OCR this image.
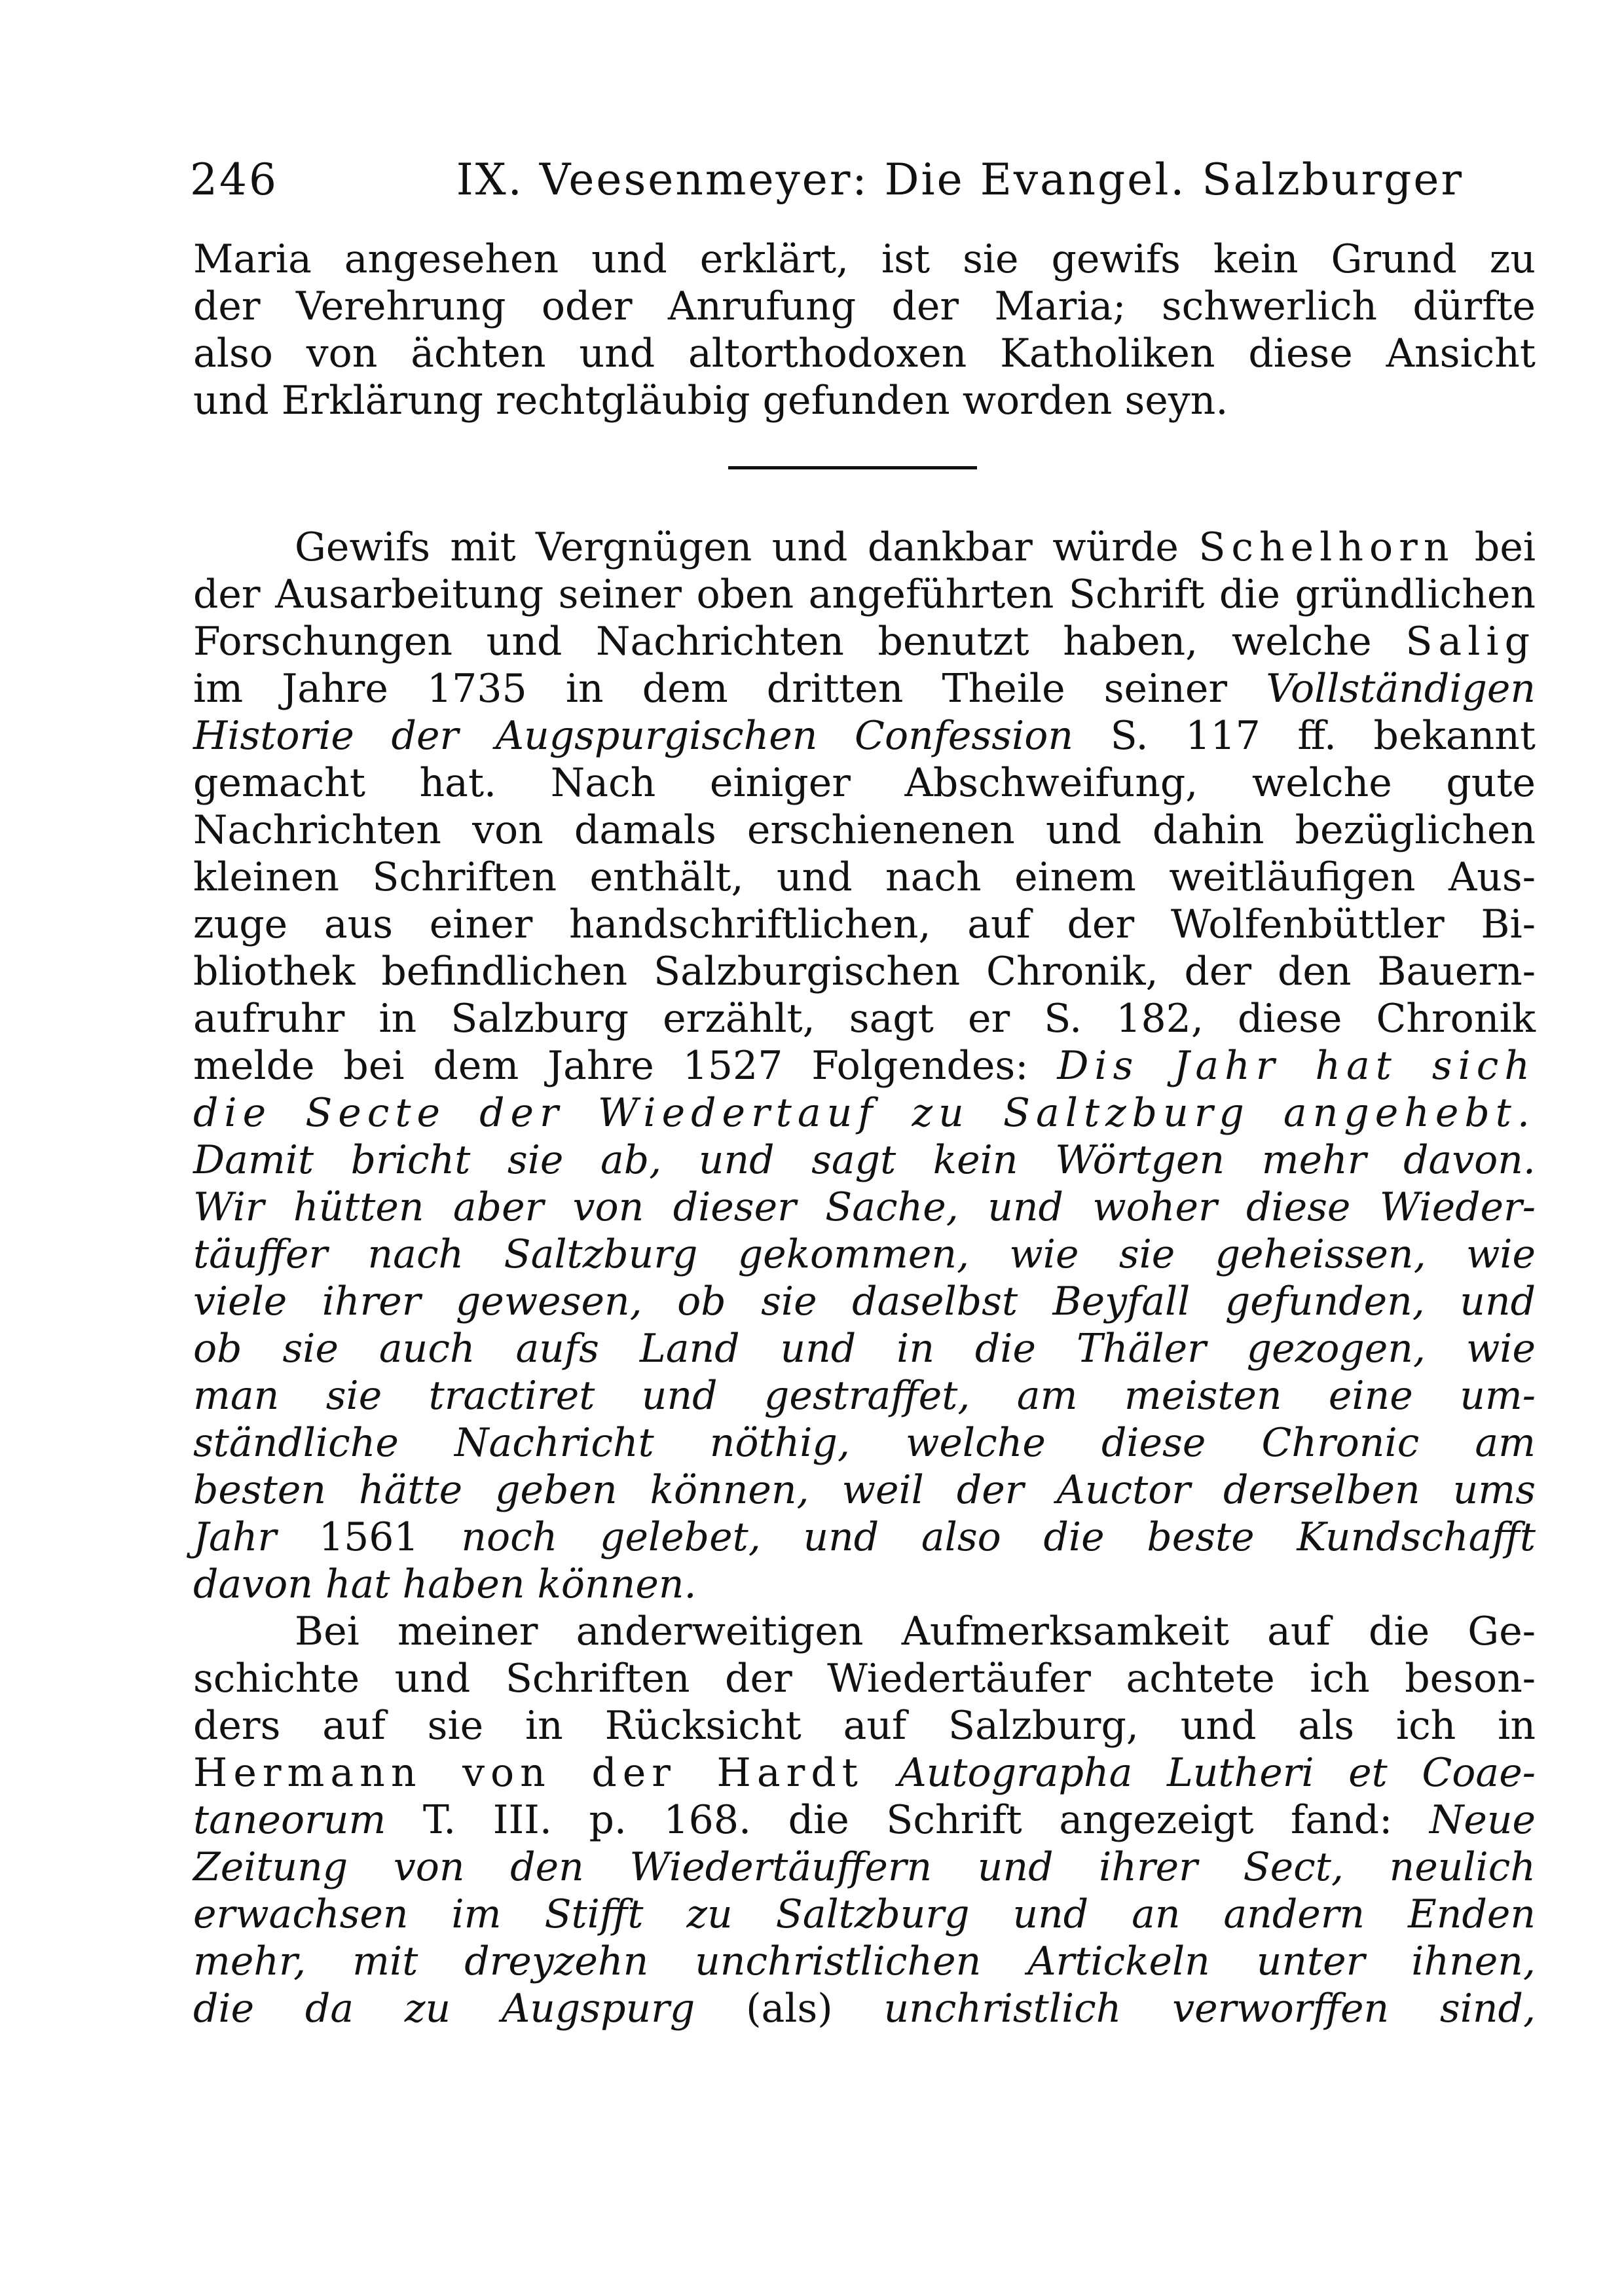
246	IX. Veesenmeyer: Die Evangel. Salzburger
Maria angesehen und erklärt, ist sie gewifs kein Grund zu
der Verehrung oder Anrufung der Maria; schwerlich dürfte
also von ächten und altorthodoxen Katholiken diese Ansicht
und Erklärung rechtgläubig gefunden worden seyn.
Gewifs mit Vergnügen und dankbar würde Schelhorn bei
der Ausarbeitung seiner oben angeführten Schrift die gründlichen
Forschungen und Nachrichten benutzt haben, welche Salig
im Jahre 1735 in dem dritten Theile seiner Vollständigen
Historie der Augspurgischen Confession S. 117 ff. bekannt
gemacht hat. Nach einiger Abschweifung, welche gute
Nachrichten von damals erschienenen und dahin bezüglichen
kleinen Schriften enthält, und nach einem weitläufigen Aus-
zuge aus einer handschriftlichen, auf der Wolfenbüttler Bi-
bliothek befindlichen Salzburgischen Chronik, der den Bauern-
aufruhr in Salzburg erzählt, sagt er S. 182, diese Chronik
melde bei dem Jahre 1527 Folgendes: Dis Jahr hat sich
die Secte der Wiedertauf zu Saltzburg angehebt.
Damit bricht sie ab, und sagt kein Wörtgen mehr davon.
Wir hütten aber von dieser Sache, und woher diese Wieder-
täuffer nach Saltzburg gekommen, wie sie geheissen, wie
viele ihrer gewesen, ob sie daselbst Beyfall gefunden, und
ob sie auch aufs Land und in die Thäler gezogen, wie
man sie tractiret und gestraffet, am meisten eine um-
ständliche Nachricht nöthig, welche diese Chronic am
besten hätte geben können, weil der Auctor derselben ums
Jahr 1561 noch gelebet, und also die beste Kundschafft
davon hat haben können.
Bei meiner anderweitigen Aufmerksamkeit auf die Ge-
schichte und Schriften der Wiedertäufer achtete ich beson-
ders auf sie in Rücksicht auf Salzburg, und als ich in
Hermann von der Hardt Autographa Lutheri et Coae-
taneorum T. III. p. 168. die Schrift angezeigt fand: Neue
Zeitung von den Wiedertäuffern und ihrer Sect, neulich
erwachsen im Stifft zu Saltzburg und an andern Enden
mehr, mit dreyzehn unchristlichen Artickeln unter ihnen,
die da zu Augspurg (als) unchristlich verworffen sind,
